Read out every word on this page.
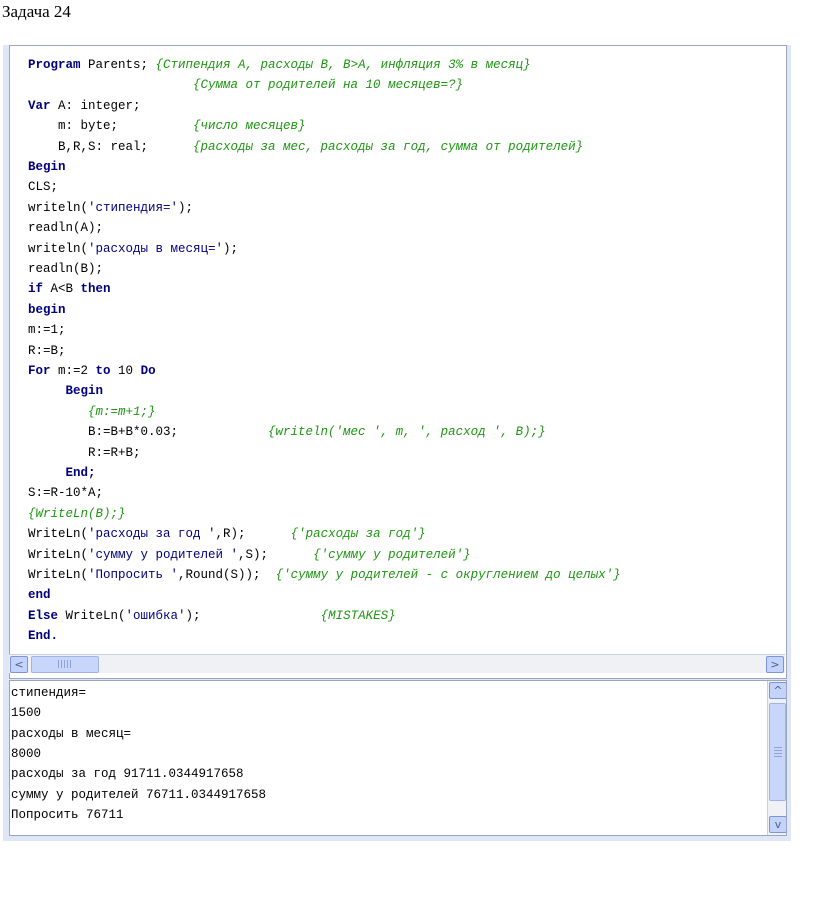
Задача 24
Program Parents; {Стипендия А, расходы В, B>A, инфляция 3% в месяц}
{Сумма от родителей на 10 месяцев=?}
Var A: integer;
m: byte;          {число месяцев}
B,R,S: real;      {расходы за мес, расходы за год, сумма от родителей}
Begin
CLS;
writeln('стипендия=');
readln(A);
writeln('расходы в месяц=');
readln(B);
if A<B then
begin
m:=1;
R:=B;
For m:=2 to 10 Do
Begin
{m:=m+1;}
B:=B+B*0.03;            {writeln('мес ', m, ', расход ', B);}
R:=R+B;
End;
S:=R-10*A;
{WriteLn(B);}
WriteLn('расходы за год ',R);      {'расходы за год'}
WriteLn('сумму у родителей ',S);      {'сумму у родителей'}
WriteLn('Попросить ',Round(S));  {'сумму у родителей - с округлением до целых'}
end
Else WriteLn('ошибка');                {MISTAKES}
End.
<	>
стипендия=
1500
расходы в месяц=
8000
расходы за год 91711.0344917658
сумму у родителей 76711.0344917658
Попросить 76711
^
v
